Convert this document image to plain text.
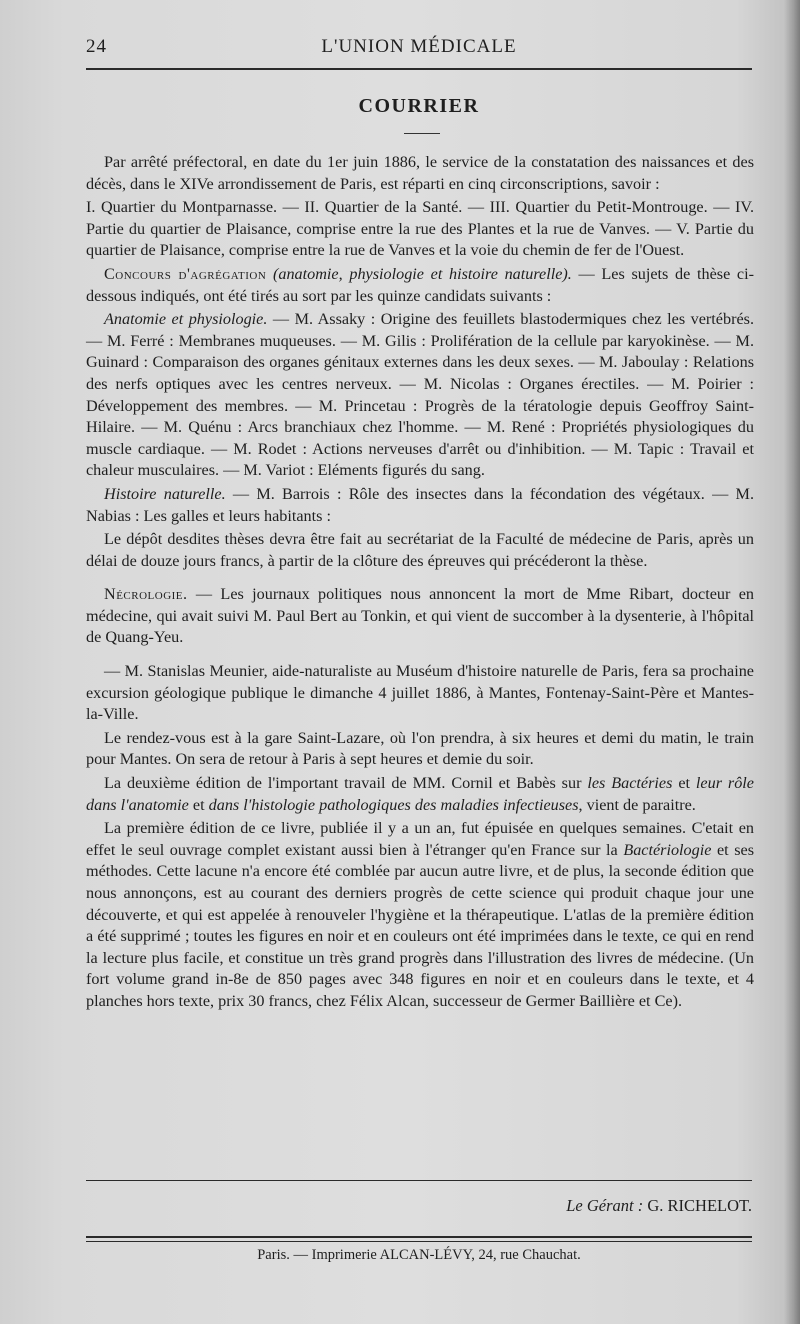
24	L'UNION MÉDICALE
COURRIER

Par arrêté préfectoral, en date du 1er juin 1886, le service de la constatation des naissances et des décès, dans le XIVe arrondissement de Paris, est réparti en cinq circonscriptions, savoir :

I. Quartier du Montparnasse. — II. Quartier de la Santé. — III. Quartier du Petit-Montrouge. — IV. Partie du quartier de Plaisance, comprise entre la rue des Plantes et la rue de Vanves. — V. Partie du quartier de Plaisance, comprise entre la rue de Vanves et la voie du chemin de fer de l'Ouest.

Concours d'agrégation (anatomie, physiologie et histoire naturelle). — Les sujets de thèse ci-dessous indiqués, ont été tirés au sort par les quinze candidats suivants :

Anatomie et physiologie. — M. Assaky : Origine des feuillets blastodermiques chez les vertébrés. — M. Ferré : Membranes muqueuses. — M. Gilis : Prolifération de la cellule par karyokinèse. — M. Guinard : Comparaison des organes génitaux externes dans les deux sexes. — M. Jaboulay : Relations des nerfs optiques avec les centres nerveux. — M. Nicolas : Organes érectiles. — M. Poirier : Développement des membres. — M. Princetau : Progrès de la tératologie depuis Geoffroy Saint-Hilaire. — M. Quénu : Arcs branchiaux chez l'homme. — M. René : Propriétés physiologiques du muscle cardiaque. — M. Rodet : Actions nerveuses d'arrêt ou d'inhibition. — M. Tapic : Travail et chaleur musculaires. — M. Variot : Eléments figurés du sang.

Histoire naturelle. — M. Barrois : Rôle des insectes dans la fécondation des végétaux. — M. Nabias : Les galles et leurs habitants :

Le dépôt desdites thèses devra être fait au secrétariat de la Faculté de médecine de Paris, après un délai de douze jours francs, à partir de la clôture des épreuves qui précéderont la thèse.

Nécrologie. — Les journaux politiques nous annoncent la mort de Mme Ribart, docteur en médecine, qui avait suivi M. Paul Bert au Tonkin, et qui vient de succomber à la dysenterie, à l'hôpital de Quang-Yeu.

— M. Stanislas Meunier, aide-naturaliste au Muséum d'histoire naturelle de Paris, fera sa prochaine excursion géologique publique le dimanche 4 juillet 1886, à Mantes, Fontenay-Saint-Père et Mantes-la-Ville.

Le rendez-vous est à la gare Saint-Lazare, où l'on prendra, à six heures et demi du matin, le train pour Mantes. On sera de retour à Paris à sept heures et demie du soir.

La deuxième édition de l'important travail de MM. Cornil et Babès sur les Bactéries et leur rôle dans l'anatomie et dans l'histologie pathologiques des maladies infectieuses, vient de paraitre.

La première édition de ce livre, publiée il y a un an, fut épuisée en quelques semaines. C'etait en effet le seul ouvrage complet existant aussi bien à l'étranger qu'en France sur la Bactériologie et ses méthodes. Cette lacune n'a encore été comblée par aucun autre livre, et de plus, la seconde édition que nous annonçons, est au courant des derniers progrès de cette science qui produit chaque jour une découverte, et qui est appelée à renouveler l'hygiène et la thérapeutique. L'atlas de la première édition a été supprimé ; toutes les figures en noir et en couleurs ont été imprimées dans le texte, ce qui en rend la lecture plus facile, et constitue un très grand progrès dans l'illustration des livres de médecine. (Un fort volume grand in-8e de 850 pages avec 348 figures en noir et en couleurs dans le texte, et 4 planches hors texte, prix 30 francs, chez Félix Alcan, successeur de Germer Baillière et Ce).

Le Gérant : G. RICHELOT.
Paris. — Imprimerie ALCAN-LÉVY, 24, rue Chauchat.
